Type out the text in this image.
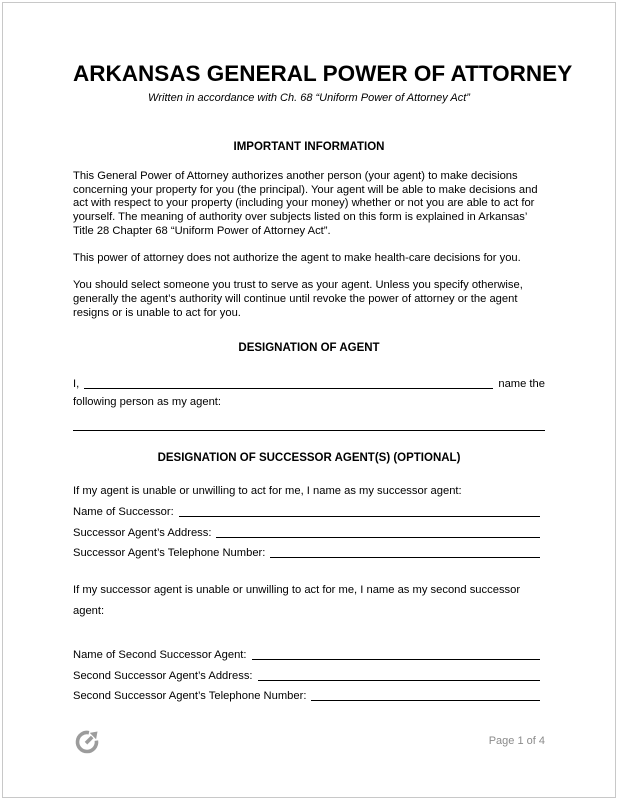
ARKANSAS GENERAL POWER OF ATTORNEY
Written in accordance with Ch. 68 “Uniform Power of Attorney Act”
IMPORTANT INFORMATION

This General Power of Attorney authorizes another person (your agent) to make decisions concerning your property for you (the principal). Your agent will be able to make decisions and act with respect to your property (including your money) whether or not you are able to act for yourself. The meaning of authority over subjects listed on this form is explained in Arkansas’ Title 28 Chapter 68 “Uniform Power of Attorney Act”.

This power of attorney does not authorize the agent to make health-care decisions for you.

You should select someone you trust to serve as your agent. Unless you specify otherwise, generally the agent’s authority will continue until revoke the power of attorney or the agent resigns or is unable to act for you.

DESIGNATION OF AGENT
I,	name the
following person as my agent:
DESIGNATION OF SUCCESSOR AGENT(S) (OPTIONAL)

If my agent is unable or unwilling to act for me, I name as my successor agent:

Name of Successor:
Successor Agent’s Address:
Successor Agent’s Telephone Number:

If my successor agent is unable or unwilling to act for me, I name as my second successor agent:

Name of Second Successor Agent:
Second Successor Agent’s Address:
Second Successor Agent’s Telephone Number:
Page 1 of 4
